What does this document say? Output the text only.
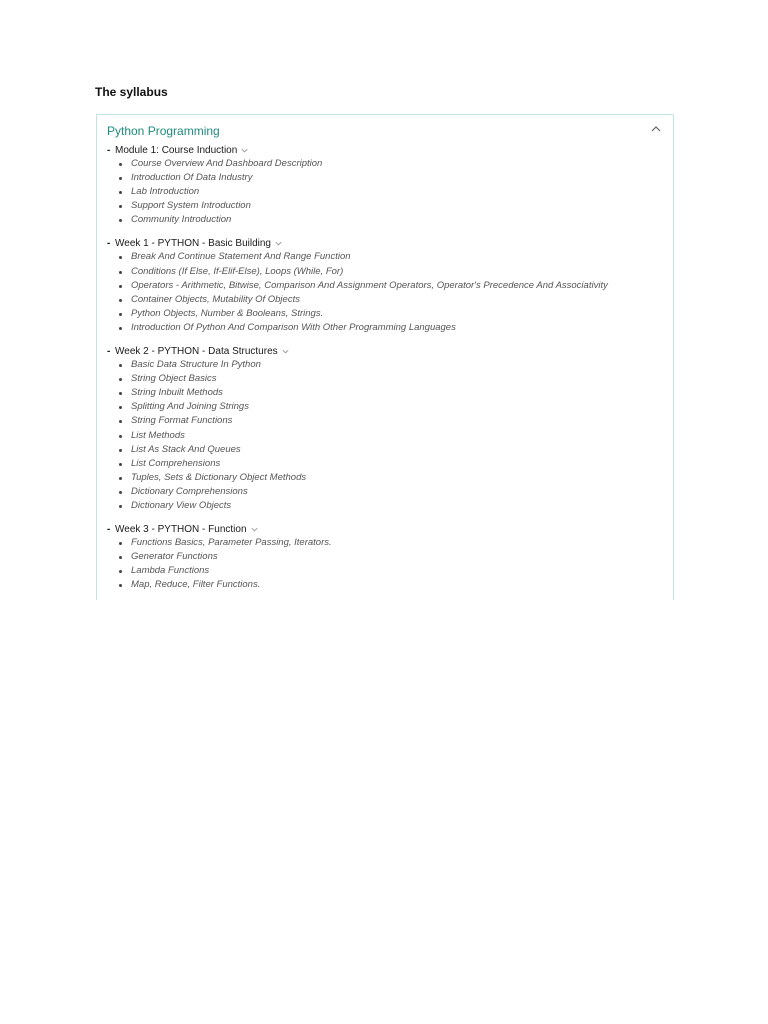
The syllabus
Python Programming
- Module 1: Course Induction
Course Overview And Dashboard Description
Introduction Of Data Industry
Lab Introduction
Support System Introduction
Community Introduction
- Week 1 - PYTHON - Basic Building
Break And Continue Statement And Range Function
Conditions (If Else, If-Elif-Else), Loops (While, For)
Operators - Arithmetic, Bitwise, Comparison And Assignment Operators, Operator's Precedence And Associativity
Container Objects, Mutability Of Objects
Python Objects, Number & Booleans, Strings.
Introduction Of Python And Comparison With Other Programming Languages
- Week 2 - PYTHON - Data Structures
Basic Data Structure In Python
String Object Basics
String Inbuilt Methods
Splitting And Joining Strings
String Format Functions
List Methods
List As Stack And Queues
List Comprehensions
Tuples, Sets & Dictionary Object Methods
Dictionary Comprehensions
Dictionary View Objects
- Week 3 - PYTHON - Function
Functions Basics, Parameter Passing, Iterators.
Generator Functions
Lambda Functions
Map, Reduce, Filter Functions.
